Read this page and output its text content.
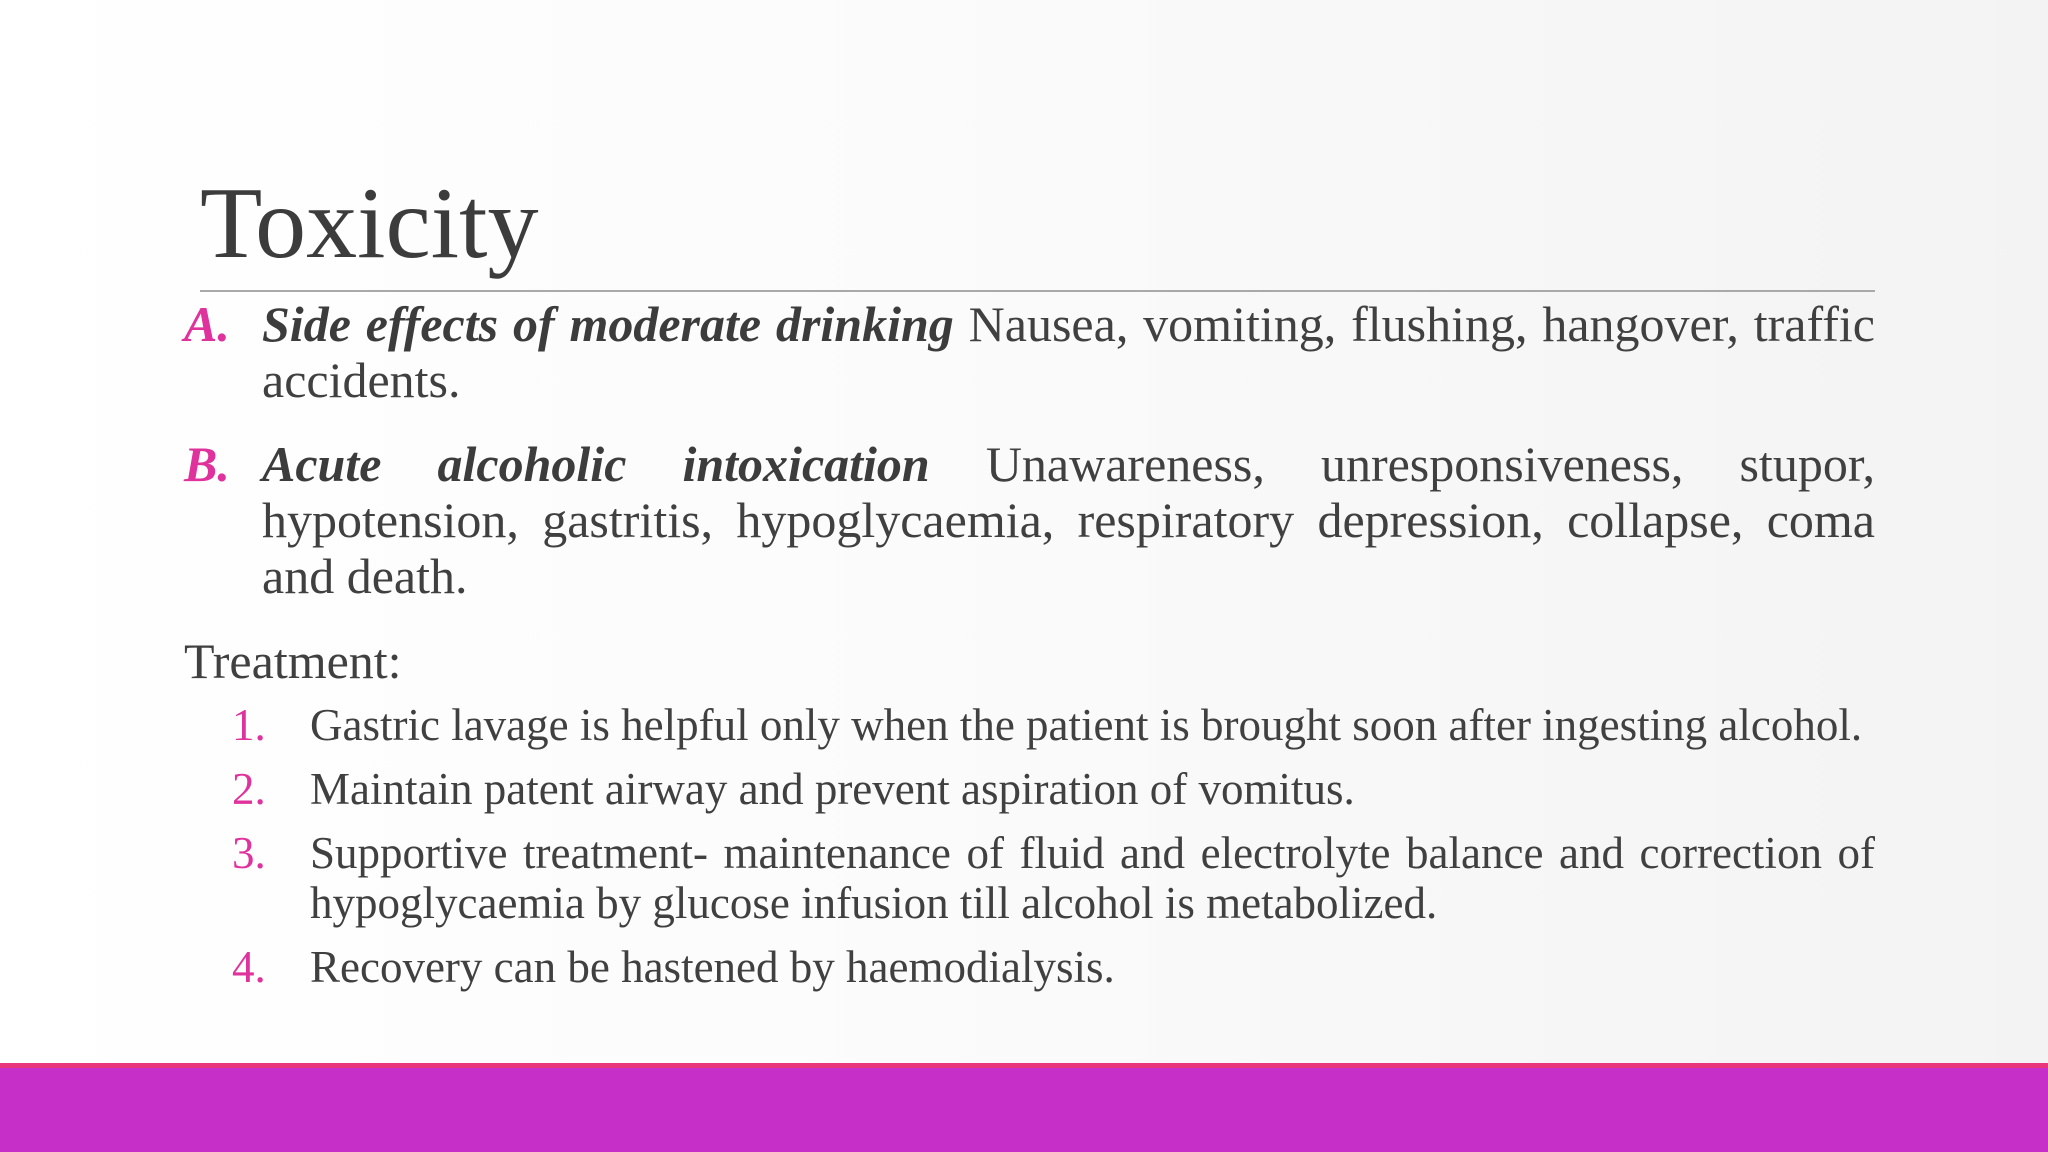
Toxicity
A. Side effects of moderate drinking Nausea, vomiting, flushing, hangover, traffic accidents.
B. Acute alcoholic intoxication Unawareness, unresponsiveness, stupor, hypotension, gastritis, hypoglycaemia, respiratory depression, collapse, coma and death.
Treatment:
1. Gastric lavage is helpful only when the patient is brought soon after ingesting alcohol.
2. Maintain patent airway and prevent aspiration of vomitus.
3. Supportive treatment- maintenance of fluid and electrolyte balance and correction of hypoglycaemia by glucose infusion till alcohol is metabolized.
4. Recovery can be hastened by haemodialysis.
